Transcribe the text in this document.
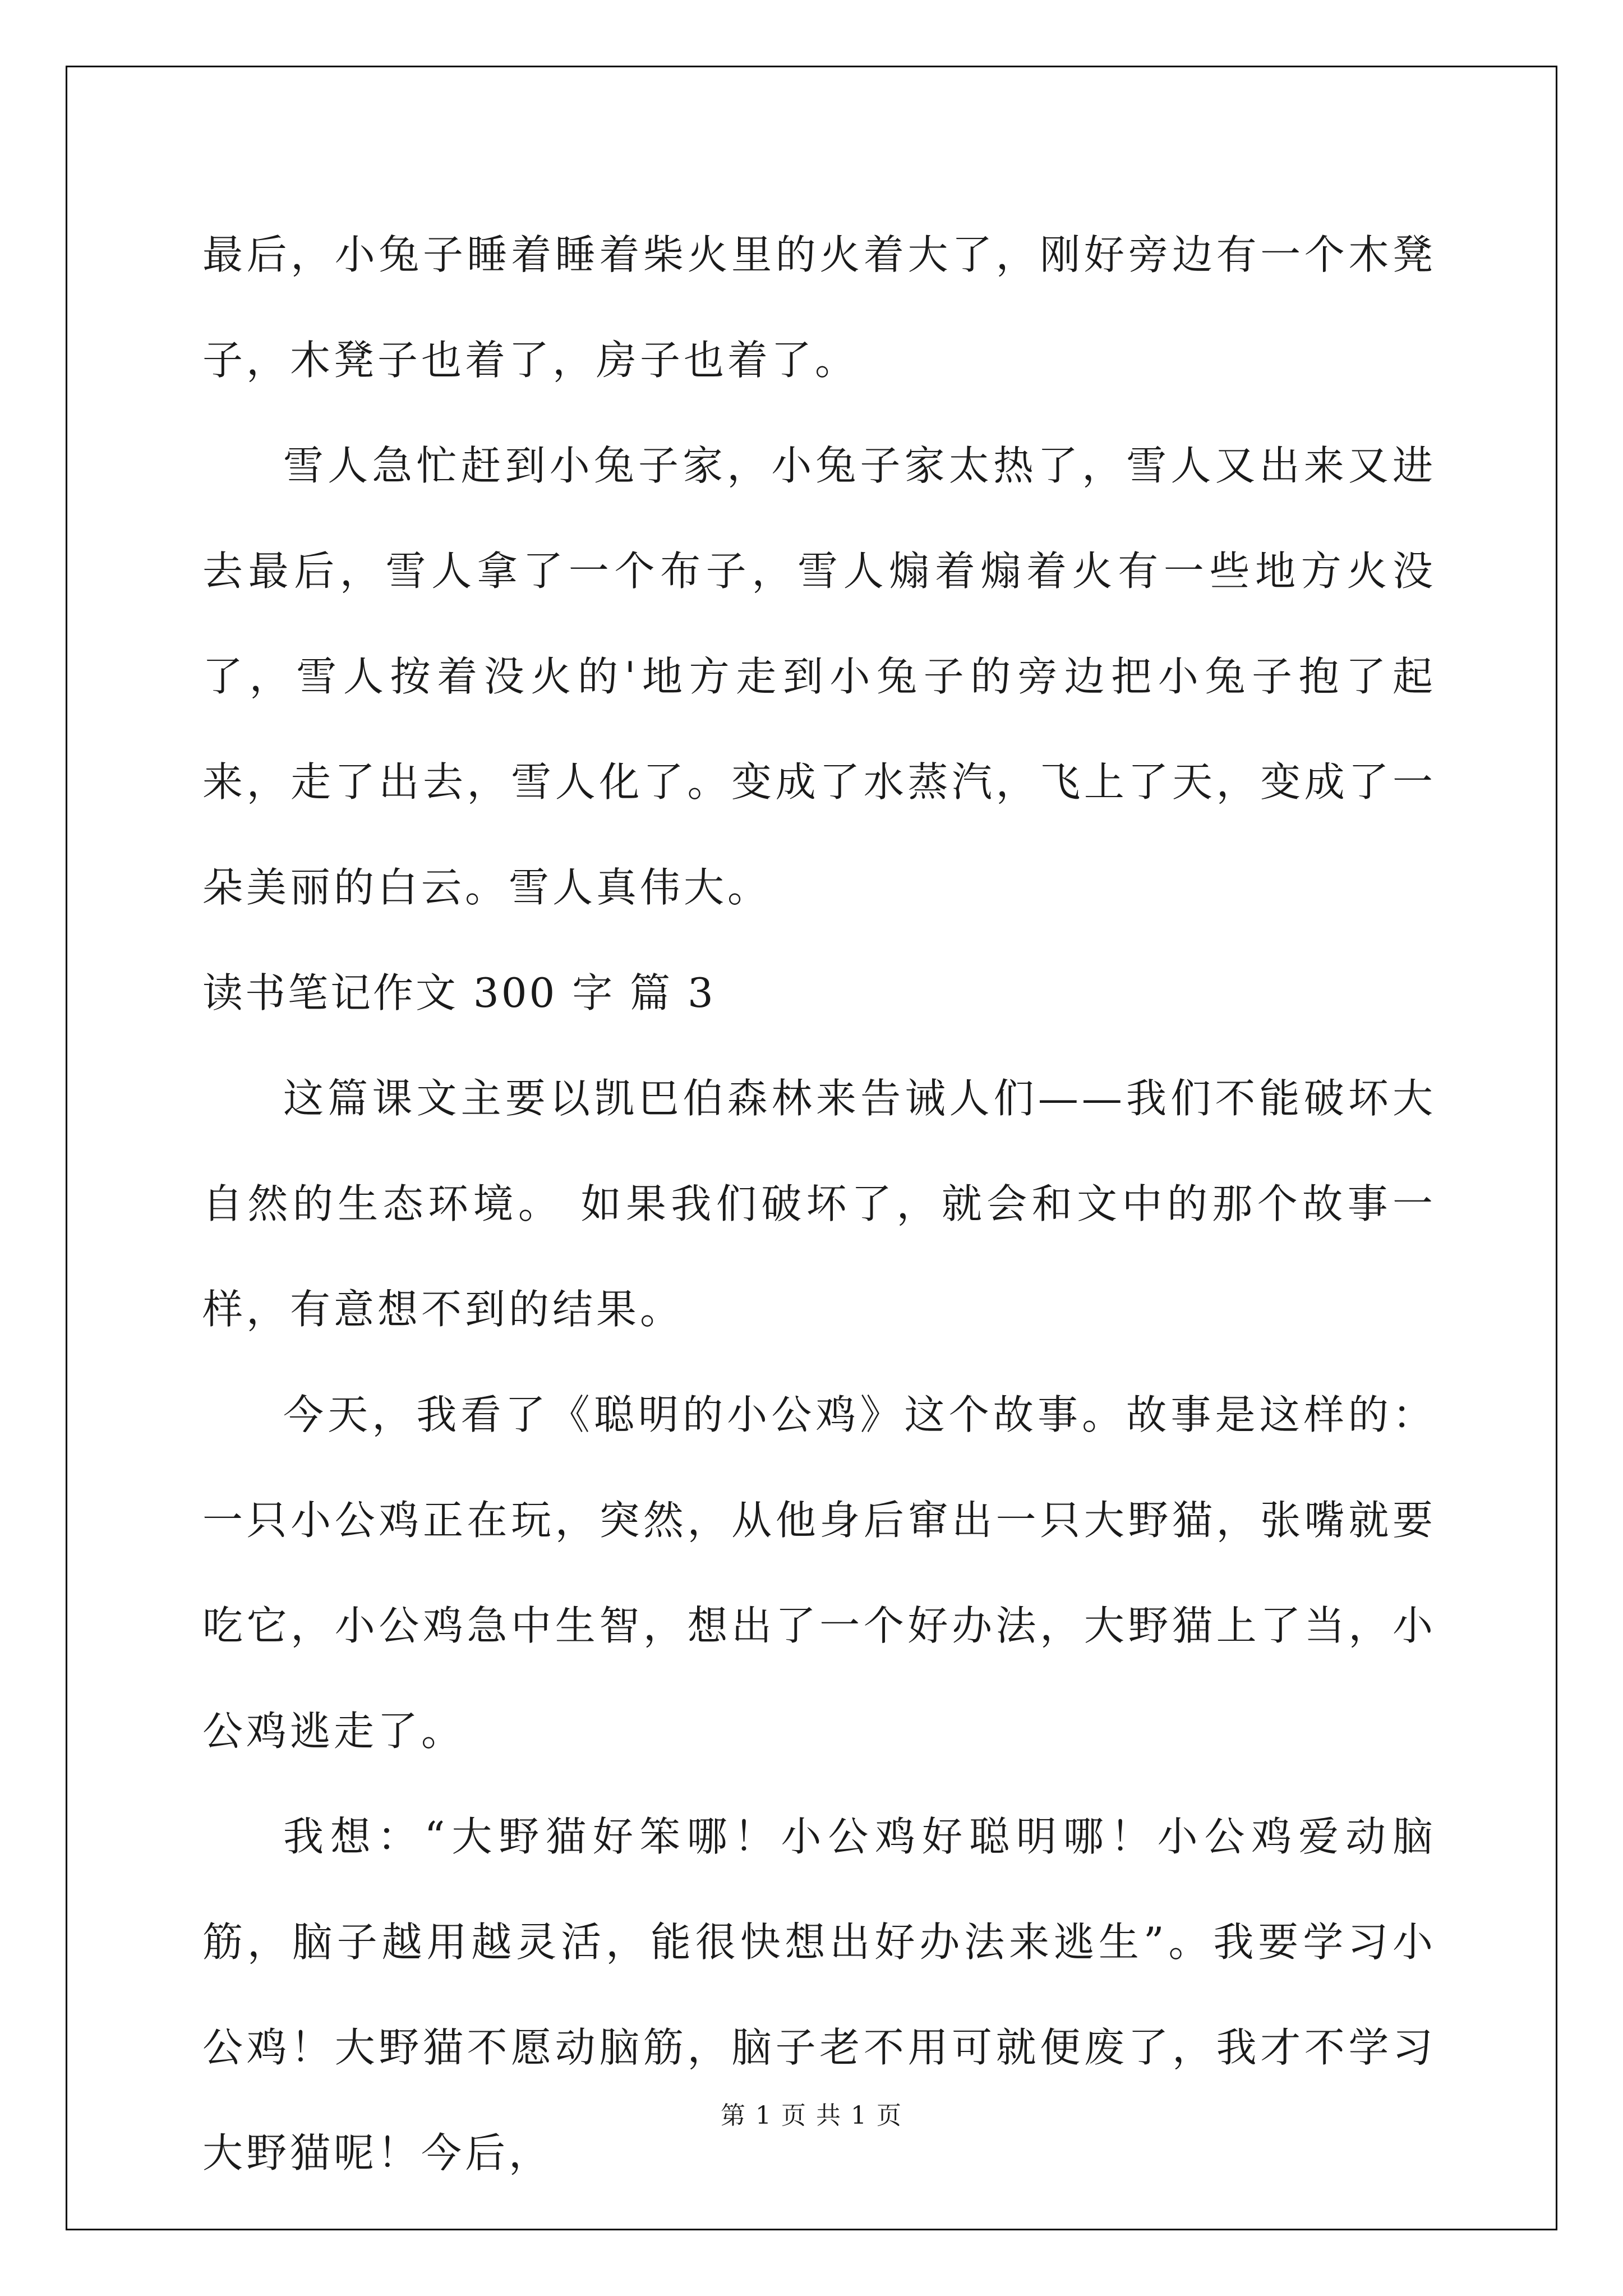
最后，小兔子睡着睡着柴火里的火着大了，刚好旁边有一个木凳子，木凳子也着了，房子也着了。

雪人急忙赶到小兔子家，小兔子家太热了，雪人又出来又进去最后，雪人拿了一个布子，雪人煽着煽着火有一些地方火没了，雪人按着没火的'地方走到小兔子的旁边把小兔子抱了起来，走了出去，雪人化了。变成了水蒸汽，飞上了天，变成了一朵美丽的白云。雪人真伟大。

读书笔记作文 300 字 篇 3

这篇课文主要以凯巴伯森林来告诫人们——我们不能破坏大自然的生态环境。 如果我们破坏了，就会和文中的那个故事一样，有意想不到的结果。

今天，我看了《聪明的小公鸡》这个故事。故事是这样的：一只小公鸡正在玩，突然，从他身后窜出一只大野猫，张嘴就要吃它，小公鸡急中生智，想出了一个好办法，大野猫上了当，小公鸡逃走了。

我想：“大野猫好笨哪！小公鸡好聪明哪！小公鸡爱动脑筋，脑子越用越灵活，能很快想出好办法来逃生”。我要学习小公鸡！大野猫不愿动脑筋，脑子老不用可就便废了，我才不学习大野猫呢！今后，

第 1 页 共 1 页
